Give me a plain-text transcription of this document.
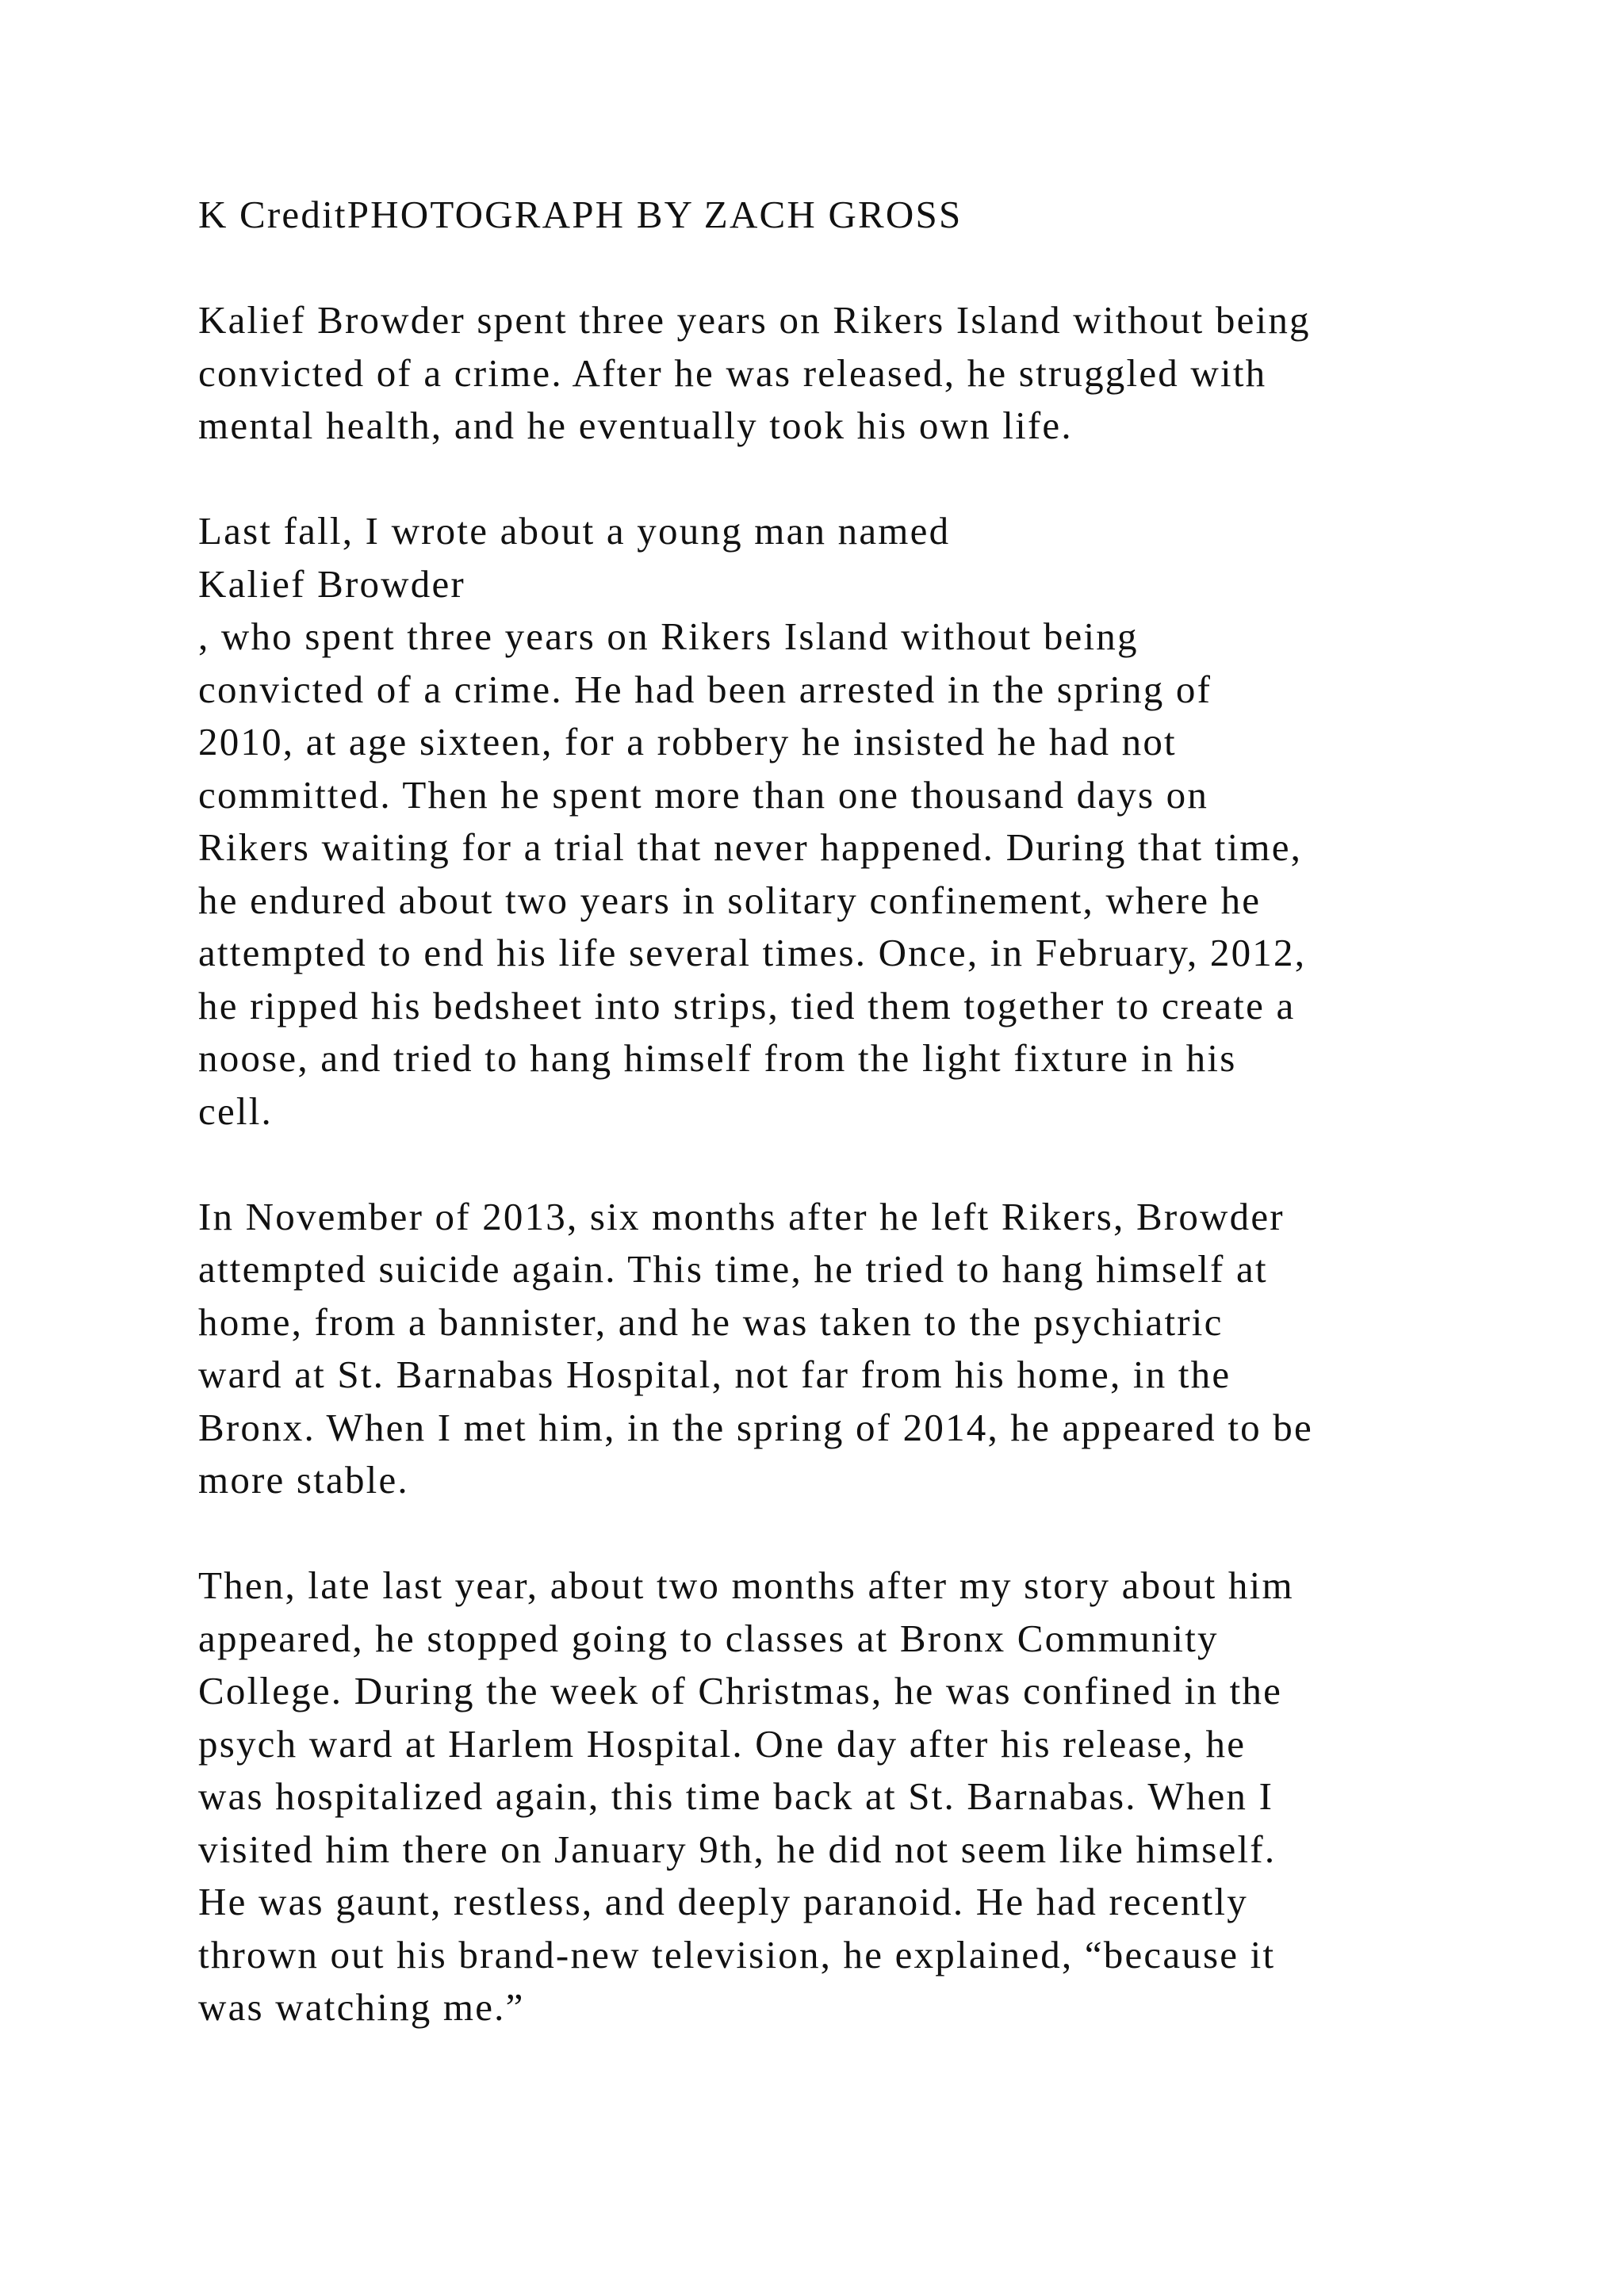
K CreditPHOTOGRAPH BY ZACH GROSS
Kalief Browder spent three years on Rikers Island without being
convicted of a crime. After he was released, he struggled with
mental health, and he eventually took his own life.
Last fall, I wrote about a young man named
Kalief Browder
, who spent three years on Rikers Island without being
convicted of a crime. He had been arrested in the spring of
2010, at age sixteen, for a robbery he insisted he had not
committed. Then he spent more than one thousand days on
Rikers waiting for a trial that never happened. During that time,
he endured about two years in solitary confinement, where he
attempted to end his life several times. Once, in February, 2012,
he ripped his bedsheet into strips, tied them together to create a
noose, and tried to hang himself from the light fixture in his
cell.
In November of 2013, six months after he left Rikers, Browder
attempted suicide again. This time, he tried to hang himself at
home, from a bannister, and he was taken to the psychiatric
ward at St. Barnabas Hospital, not far from his home, in the
Bronx. When I met him, in the spring of 2014, he appeared to be
more stable.
Then, late last year, about two months after my story about him
appeared, he stopped going to classes at Bronx Community
College. During the week of Christmas, he was confined in the
psych ward at Harlem Hospital. One day after his release, he
was hospitalized again, this time back at St. Barnabas. When I
visited him there on January 9th, he did not seem like himself.
He was gaunt, restless, and deeply paranoid. He had recently
thrown out his brand-new television, he explained, “because it
was watching me.”
